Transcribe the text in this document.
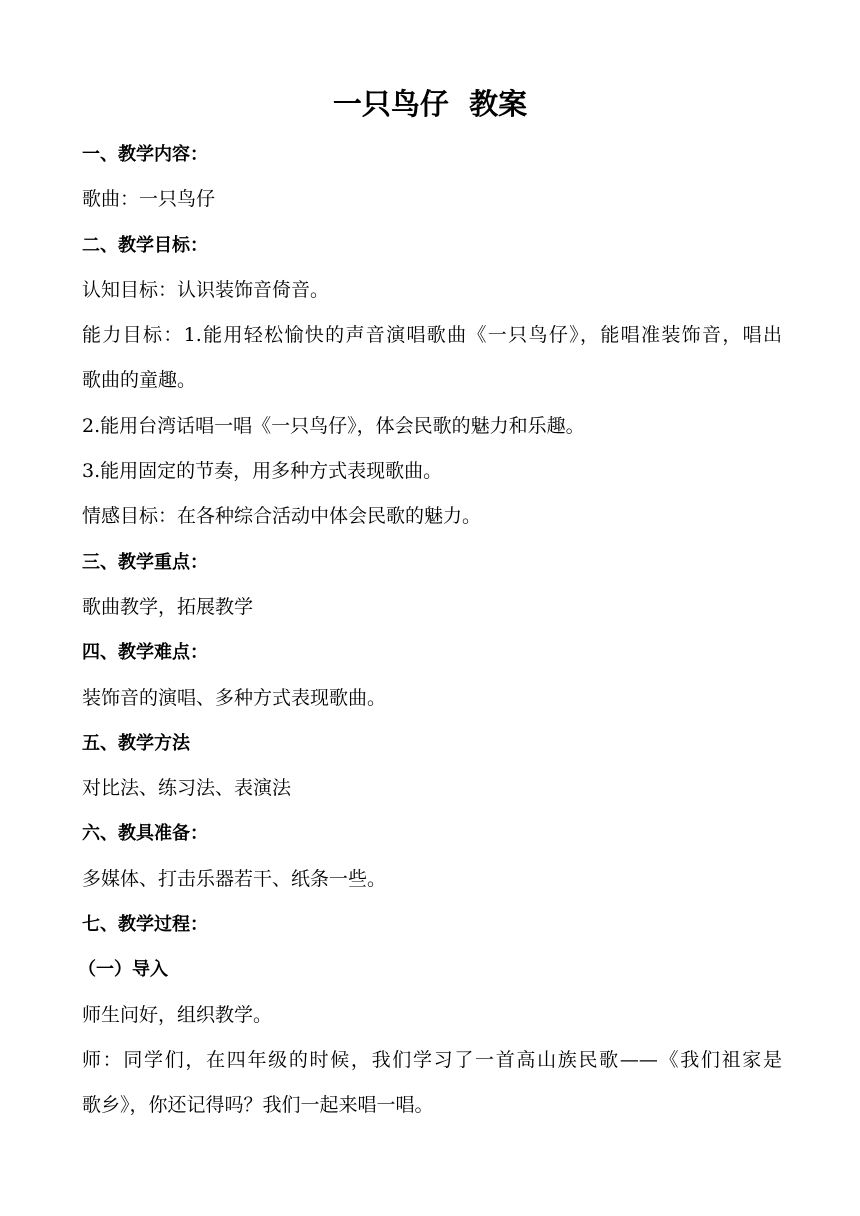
一只鸟仔  教案
一、教学内容：
歌曲：一只鸟仔
二、教学目标：
认知目标：认识装饰音倚音。
能力目标：1.能用轻松愉快的声音演唱歌曲《一只鸟仔》，能唱准装饰音，唱出
歌曲的童趣。
2.能用台湾话唱一唱《一只鸟仔》，体会民歌的魅力和乐趣。
3.能用固定的节奏，用多种方式表现歌曲。
情感目标：在各种综合活动中体会民歌的魅力。
三、教学重点：
歌曲教学，拓展教学
四、教学难点：
装饰音的演唱、多种方式表现歌曲。
五、教学方法
对比法、练习法、表演法
六、教具准备：
多媒体、打击乐器若干、纸条一些。
七、教学过程：
（一）导入
师生问好，组织教学。
师：同学们，在四年级的时候，我们学习了一首高山族民歌——《我们祖家是
歌乡》，你还记得吗？我们一起来唱一唱。
